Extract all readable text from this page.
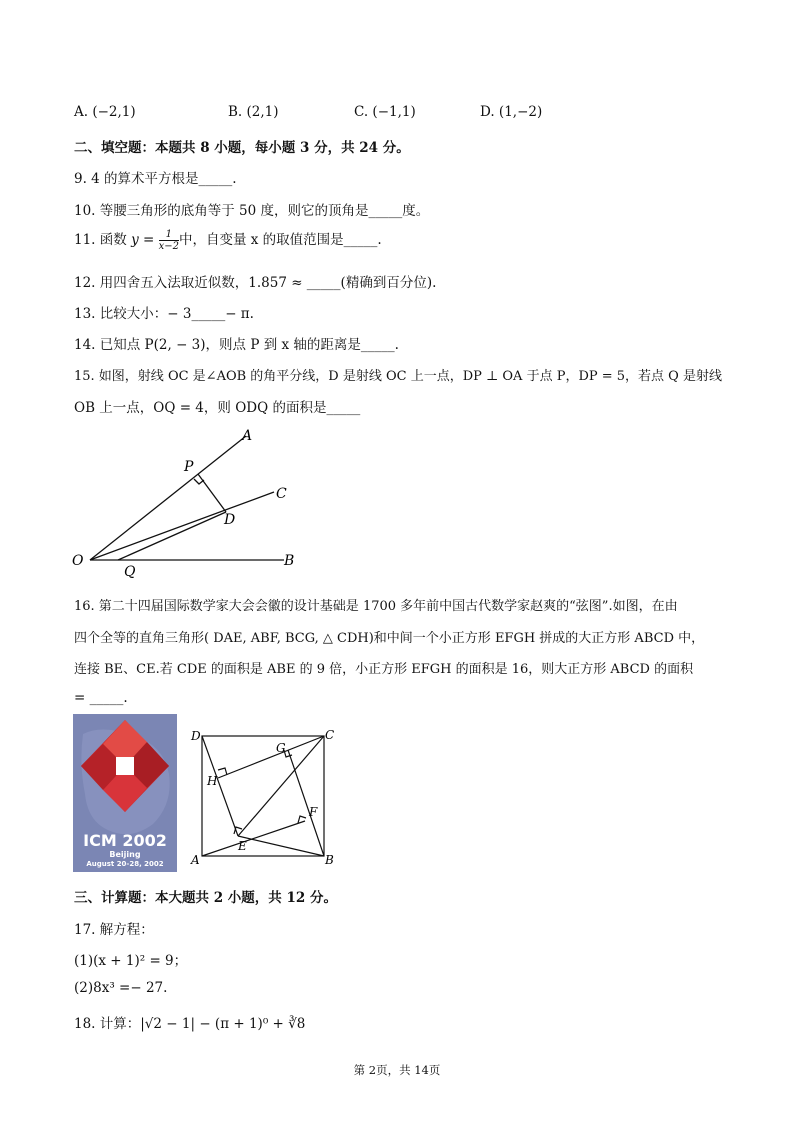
A. (−2,1)	B. (2,1)	C. (−1,1)	D. (1,−2)
二、填空题：本题共 8 小题，每小题 3 分，共 24 分。
9. 4 的算术平方根是_____.
10. 等腰三角形的底角等于 50 度，则它的顶角是_____度。
11. 函数 $y = \frac{1}{x-2}$ 中，自变量 x 的取值范围是_____.
12. 用四舍五入法取近似数，1.857 ≈ _____(精确到百分位).
13. 比较大小：− 3_____− π.
14. 已知点 P(2, − 3)，则点 P 到 x 轴的距离是_____.
15. 如图，射线 OC 是∠AOB 的角平分线，D 是射线 OC 上一点，DP ⊥ OA 于点 P，DP = 5，若点 Q 是射线
OB 上一点，OQ = 4，则 ODQ 的面积是_____
A
P
C
D
O
Q
B
16. 第二十四届国际数学家大会会徽的设计基础是 1700 多年前中国古代数学家赵爽的“弦图”.如图，在由
四个全等的直角三角形( DAE, ABF, BCG, △ CDH)和中间一个小正方形 EFGH 拼成的大正方形 ABCD 中，
连接 BE、CE.若 CDE 的面积是 ABE 的 9 倍，小正方形 EFGH 的面积是 16，则大正方形 ABCD 的面积
= _____.
ICM 2002
Beijing
August 20-28, 2002
D
G
C
H
F
A
E
B
三、计算题：本大题共 2 小题，共 12 分。
17. 解方程：
(1)(x + 1)² = 9；
(2)8x³ =− 27.
18. 计算：|√2 − 1| − (π + 1)⁰ + ∛8
第 2页，共 14页
